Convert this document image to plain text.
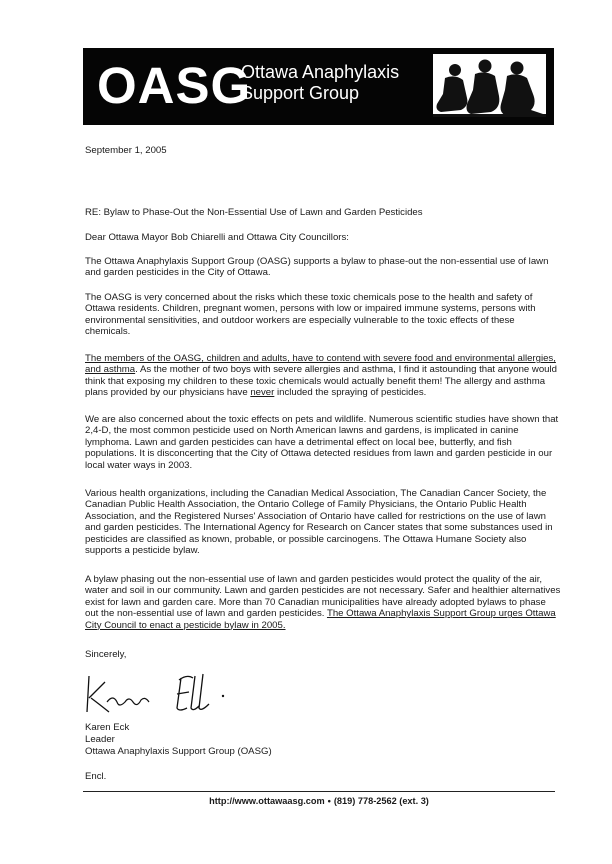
OASG
Ottawa Anaphylaxis
Support Group
September 1, 2005
RE: Bylaw to Phase-Out the Non-Essential Use of Lawn and Garden Pesticides
Dear Ottawa Mayor Bob Chiarelli and Ottawa City Councillors:

The Ottawa Anaphylaxis Support Group (OASG) supports a bylaw to phase-out the non-essential use of lawn and garden pesticides in the City of Ottawa.

The OASG is very concerned about the risks which these toxic chemicals pose to the health and safety of Ottawa residents. Children, pregnant women, persons with low or impaired immune systems, persons with environmental sensitivities, and outdoor workers are especially vulnerable to the toxic effects of these chemicals.

The members of the OASG, children and adults, have to contend with severe food and environmental allergies, and asthma. As the mother of two boys with severe allergies and asthma, I find it astounding that anyone would think that exposing my children to these toxic chemicals would actually benefit them! The allergy and asthma plans provided by our physicians have never included the spraying of pesticides.

We are also concerned about the toxic effects on pets and wildlife. Numerous scientific studies have shown that 2,4-D, the most common pesticide used on North American lawns and gardens, is implicated in canine lymphoma. Lawn and garden pesticides can have a detrimental effect on local bee, butterfly, and fish populations. It is disconcerting that the City of Ottawa detected residues from lawn and garden pesticide in our local water ways in 2003.

Various health organizations, including the Canadian Medical Association, The Canadian Cancer Society, the Canadian Public Health Association, the Ontario College of Family Physicians, the Ontario Public Health Association, and the Registered Nurses' Association of Ontario have called for restrictions on the use of lawn and garden pesticides. The International Agency for Research on Cancer states that some substances used in pesticides are classified as known, probable, or possible carcinogens. The Ottawa Humane Society also supports a pesticide bylaw.

A bylaw phasing out the non-essential use of lawn and garden pesticides would protect the quality of the air, water and soil in our community. Lawn and garden pesticides are not necessary. Safer and healthier alternatives exist for lawn and garden care. More than 70 Canadian municipalities have already adopted bylaws to phase out the non-essential use of lawn and garden pesticides. The Ottawa Anaphylaxis Support Group urges Ottawa City Council to enact a pesticide bylaw in 2005.

Sincerely,
Karen Eck
Leader
Ottawa Anaphylaxis Support Group (OASG)
Encl.
http://www.ottawaasg.com • (819) 778-2562 (ext. 3)
